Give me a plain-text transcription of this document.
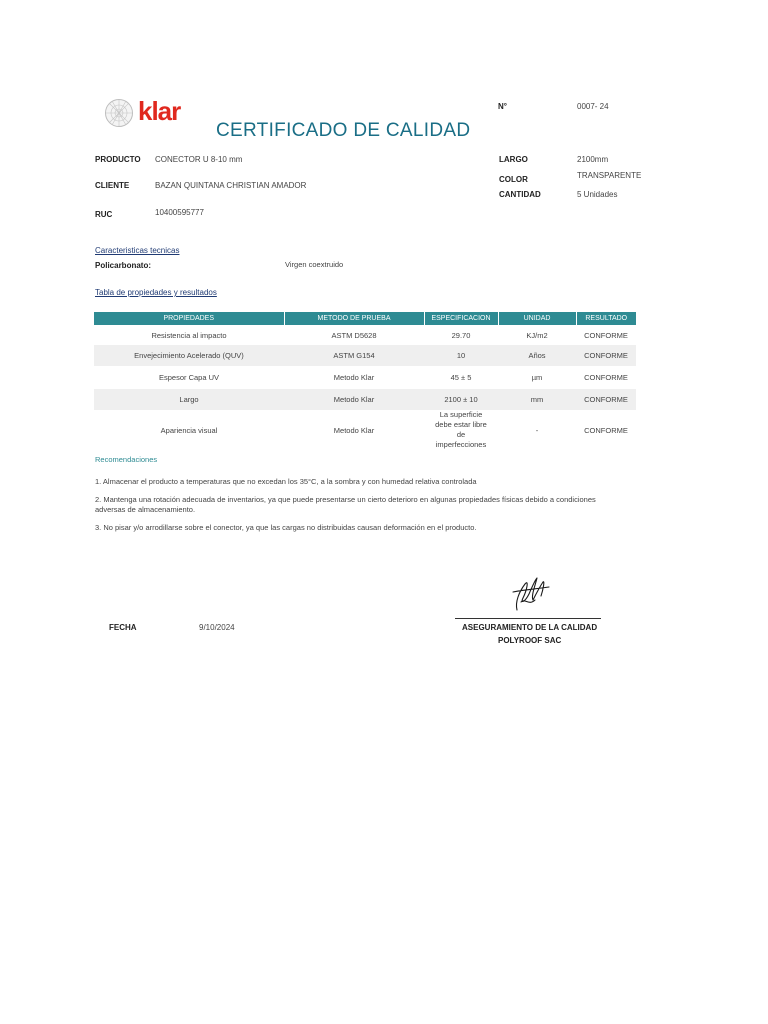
klar
CERTIFICADO DE CALIDAD
N°	0007- 24
PRODUCTO CONECTOR U 8-10 mm
CLIENTE	BAZAN QUINTANA CHRISTIAN AMADOR
RUC	10400595777
LARGO	2100mm
COLOR	TRANSPARENTE
CANTIDAD	5 Unidades
Caracteristicas tecnicas
Policarbonato:	Virgen coextruido
Tabla de propiedades y resultados
PROPIEDADES	METODO DE PRUEBA	ESPECIFICACION	UNIDAD	RESULTADO
Resistencia al impacto	ASTM D5628	29.70	KJ/m2	CONFORME
Envejecimiento Acelerado (QUV)	ASTM G154	10	Años	CONFORME
Espesor Capa UV	Metodo Klar	45 ± 5	µm	CONFORME
Largo	Metodo Klar	2100 ± 10	mm	CONFORME
Apariencia visual	Metodo Klar	La superficie debe estar libre de imperfecciones	-	CONFORME
Recomendaciones
1. Almacenar el producto a temperaturas que no excedan los 35°C, a la sombra y con humedad relativa controlada
2. Mantenga una rotación adecuada de inventarios, ya que puede presentarse un cierto deterioro en algunas propiedades físicas debido a condiciones adversas de almacenamiento.
3. No pisar y/o arrodillarse sobre el conector, ya que las cargas no distribuidas causan deformación en el producto.
ASEGURAMIENTO DE LA CALIDAD
POLYROOF SAC
FECHA	9/10/2024
